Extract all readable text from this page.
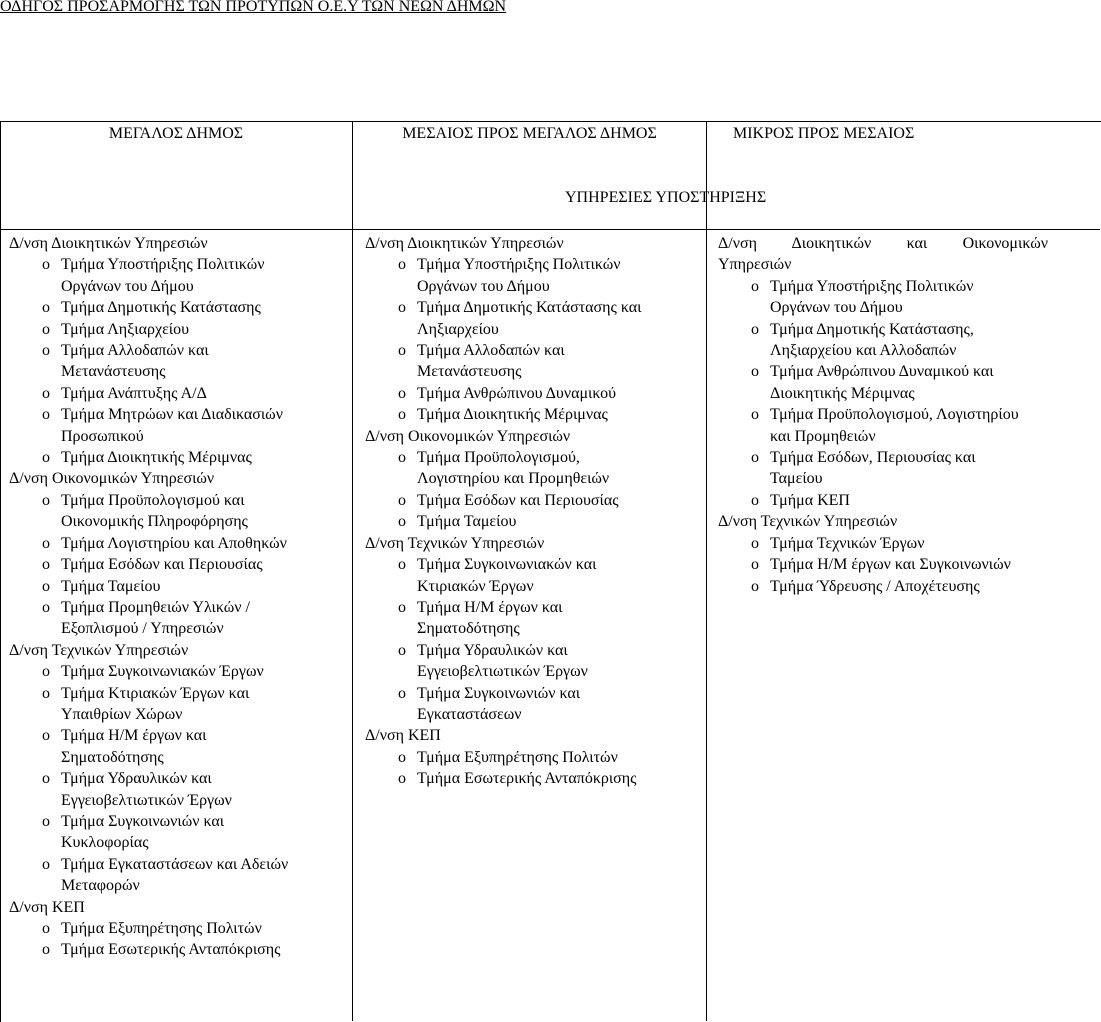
ΟΔΗΓΟΣ ΠΡΟΣΑΡΜΟΓΗΣ ΤΩΝ ΠΡΟΤΥΠΩΝ Ο.Ε.Υ ΤΩΝ ΝΕΩΝ ΔΗΜΩΝ
ΜΕΓΑΛΟΣ ΔΗΜΟΣ	ΜΕΣΑΙΟΣ ΠΡΟΣ ΜΕΓΑΛΟΣ ΔΗΜΟΣ	ΜΙΚΡΟΣ ΠΡΟΣ ΜΕΣΑΙΟΣ
ΥΠΗΡΕΣΙΕΣ ΥΠΟΣΤΗΡΙΞΗΣ
Δ/νση Διοικητικών Υπηρεσιών
o Τμήμα Υποστήριξης Πολιτικών
Οργάνων του Δήμου
o Τμήμα Δημοτικής Κατάστασης
o Τμήμα Ληξιαρχείου
o Τμήμα Αλλοδαπών και
Μετανάστευσης
o Τμήμα Ανάπτυξης Α/Δ
o Τμήμα Μητρώων και Διαδικασιών
Προσωπικού
o Τμήμα Διοικητικής Μέριμνας
Δ/νση Οικονομικών Υπηρεσιών
o Τμήμα Προϋπολογισμού και
Οικονομικής Πληροφόρησης
o Τμήμα Λογιστηρίου και Αποθηκών
o Τμήμα Εσόδων και Περιουσίας
o Τμήμα Ταμείου
o Τμήμα Προμηθειών Υλικών /
Εξοπλισμού / Υπηρεσιών
Δ/νση Τεχνικών Υπηρεσιών
o Τμήμα Συγκοινωνιακών Έργων
o Τμήμα Κτιριακών Έργων και
Υπαιθρίων Χώρων
o Τμήμα Η/Μ έργων και
Σηματοδότησης
o Τμήμα Υδραυλικών και
Εγγειοβελτιωτικών Έργων
o Τμήμα Συγκοινωνιών και
Κυκλοφορίας
o Τμήμα Εγκαταστάσεων και Αδειών
Μεταφορών
Δ/νση ΚΕΠ
o Τμήμα Εξυπηρέτησης Πολιτών
o Τμήμα Εσωτερικής Ανταπόκρισης
Δ/νση Διοικητικών Υπηρεσιών
o Τμήμα Υποστήριξης Πολιτικών
Οργάνων του Δήμου
o Τμήμα Δημοτικής Κατάστασης και
Ληξιαρχείου
o Τμήμα Αλλοδαπών και
Μετανάστευσης
o Τμήμα Ανθρώπινου Δυναμικού
o Τμήμα Διοικητικής Μέριμνας
Δ/νση Οικονομικών Υπηρεσιών
o Τμήμα Προϋπολογισμού,
Λογιστηρίου και Προμηθειών
o Τμήμα Εσόδων και Περιουσίας
o Τμήμα Ταμείου
Δ/νση Τεχνικών Υπηρεσιών
o Τμήμα Συγκοινωνιακών και
Κτιριακών Έργων
o Τμήμα Η/Μ έργων και
Σηματοδότησης
o Τμήμα Υδραυλικών και
Εγγειοβελτιωτικών Έργων
o Τμήμα Συγκοινωνιών και
Εγκαταστάσεων
Δ/νση ΚΕΠ
o Τμήμα Εξυπηρέτησης Πολιτών
o Τμήμα Εσωτερικής Ανταπόκρισης
Δ/νση Διοικητικών και Οικονομικών
Υπηρεσιών
o Τμήμα Υποστήριξης Πολιτικών
Οργάνων του Δήμου
o Τμήμα Δημοτικής Κατάστασης,
Ληξιαρχείου και Αλλοδαπών
o Τμήμα Ανθρώπινου Δυναμικού και
Διοικητικής Μέριμνας
o Τμήμα Προϋπολογισμού, Λογιστηρίου
και Προμηθειών
o Τμήμα Εσόδων, Περιουσίας και
Ταμείου
o Τμήμα ΚΕΠ
Δ/νση Τεχνικών Υπηρεσιών
o Τμήμα Τεχνικών Έργων
o Τμήμα Η/Μ έργων και Συγκοινωνιών
o Τμήμα Ύδρευσης / Αποχέτευσης
